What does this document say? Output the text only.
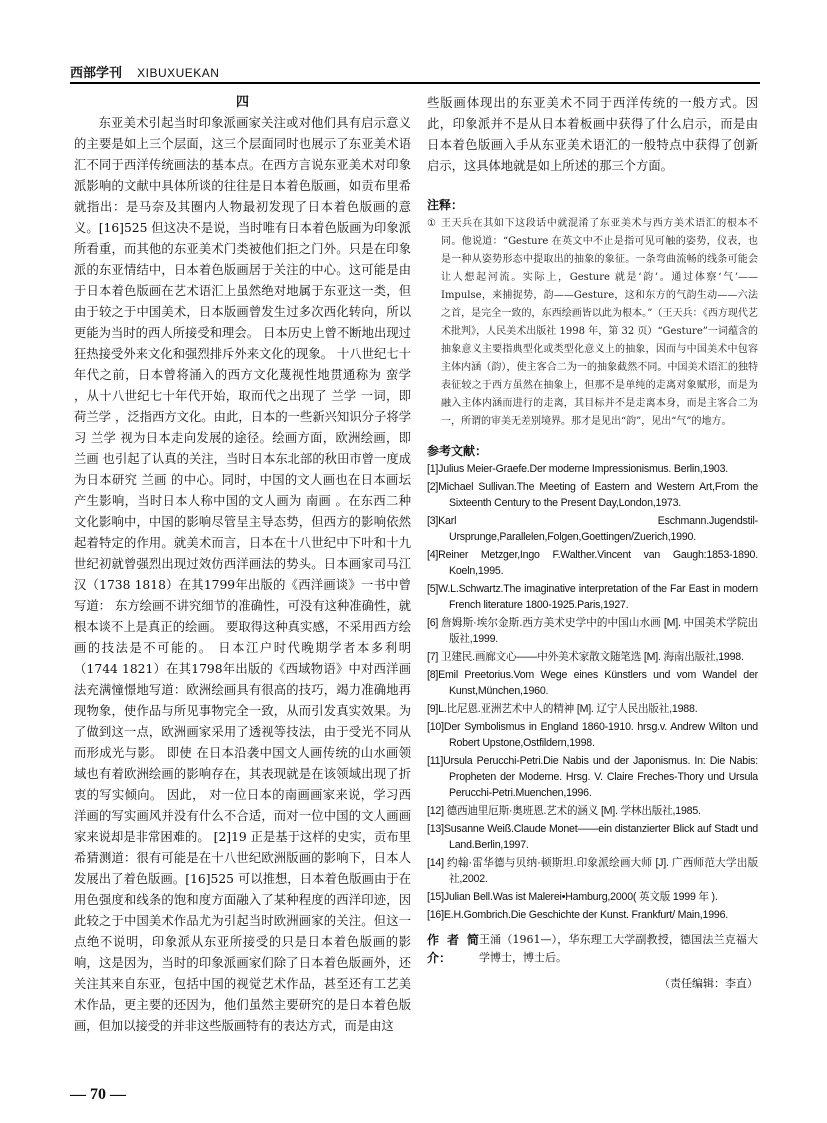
西部学刊 XIBUXUEKAN
四

东亚美术引起当时印象派画家关注或对他们具有启示意义的主要是如上三个层面，这三个层面同时也展示了东亚美术语汇不同于西洋传统画法的基本点。在西方言说东亚美术对印象派影响的文献中具体所谈的往往是日本着色版画，如贡布里希就指出：是马奈及其圈内人物最初发现了日本着色版画的意义。[16]525 但这决不是说，当时唯有日本着色版画为印象派所看重，而其他的东亚美术门类被他们拒之门外。只是在印象派的东亚情结中，日本着色版画居于关注的中心。这可能是由于日本着色版画在艺术语汇上虽然绝对地属于东亚这一类，但由于较之于中国美术，日本版画曾发生过多次西化转向，所以更能为当时的西人所接受和理会。 日本历史上曾不断地出现过狂热接受外来文化和强烈排斥外来文化的现象。 十八世纪七十年代之前，日本曾将涌入的西方文化蔑视性地贯通称为 蛮学 ，从十八世纪七十年代开始，取而代之出现了 兰学 一词，即 荷兰学 ，泛指西方文化。由此，日本的一些新兴知识分子将学习 兰学 视为日本走向发展的途径。绘画方面，欧洲绘画，即 兰画 也引起了认真的关注，当时日本东北部的秋田市曾一度成为日本研究 兰画 的中心。同时，中国的文人画也在日本画坛产生影响，当时日本人称中国的文人画为 南画 。在东西二种文化影响中，中国的影响尽管呈主导态势，但西方的影响依然起着特定的作用。就美术而言，日本在十八世纪中下叶和十九世纪初就曾强烈出现过效仿西洋画法的势头。日本画家司马江汉（1738 1818）在其1799年出版的《西洋画谈》一书中曾写道： 东方绘画不讲究细节的准确性，可没有这种准确性，就根本谈不上是真正的绘画。 要取得这种真实感，不采用西方绘画的技法是不可能的。 日本江户时代晚期学者本多利明（1744 1821）在其1798年出版的《西域物语》中对西洋画法充满憧憬地写道：欧洲绘画具有很高的技巧，竭力准确地再现物象，使作品与所见事物完全一致，从而引发真实效果。为了做到这一点，欧洲画家采用了透视等技法，由于受光不同从而形成光与影。 即使 在日本沿袭中国文人画传统的山水画领域也有着欧洲绘画的影响存在，其表现就是在该领域出现了折衷的写实倾向。 因此， 对一位日本的南画画家来说，学习西洋画的写实画风并没有什么不合适，而对一位中国的文人画画家来说却是非常困难的。 [2]19 正是基于这样的史实，贡布里希猜测道：很有可能是在十八世纪欧洲版画的影响下，日本人发展出了着色版画。[16]525 可以推想，日本着色版画由于在用色强度和线条的饱和度方面融入了某种程度的西洋印迹，因此较之于中国美术作品尤为引起当时欧洲画家的关注。但这一点绝不说明，印象派从东亚所接受的只是日本着色版画的影响，这是因为，当时的印象派画家们除了日本着色版画外，还关注其来自东亚，包括中国的视觉艺术作品，甚至还有工艺美术作品，更主要的还因为，他们虽然主要研究的是日本着色版画，但加以接受的并非这些版画特有的表达方式，而是由这

些版画体现出的东亚美术不同于西洋传统的一般方式。因此，印象派并不是从日本着板画中获得了什么启示，而是由日本着色版画入手从东亚美术语汇的一般特点中获得了创新启示，这具体地就是如上所述的那三个方面。

注释：
① 王天兵在其如下这段话中就混淆了东亚美术与西方美术语汇的根本不同。他说道：“Gesture 在英文中不止是指可见可触的姿势，仪表，也是一种从姿势形态中提取出的抽象的象征。一条弯曲流畅的线条可能会让人想起河流。实际上，Gesture 就是‘韵’。通过体察‘气’——Impulse，来捕捉势，韵——Gesture，这和东方的气韵生动——六法之首，是完全一致的，东西绘画皆以此为根本。”（王天兵：《西方现代艺术批判》，人民美术出版社 1998 年，第 32 页）“Gesture”一词蕴含的抽象意义主要指典型化或类型化意义上的抽象，因而与中国美术中包容主体内涵（韵），使主客合二为一的抽象截然不同。中国美术语汇的独特表征较之于西方虽然在抽象上，但那不是单纯的走离对象赋形，而是为融入主体内涵而进行的走离，其目标并不是走离本身，而是主客合二为一，所谓的审美无差别境界。那才是见出“韵”，见出“气”的地方。
参考文献：
[1]Julius Meier-Graefe.Der moderne Impressionismus. Berlin,1903.
[2]Michael Sullivan.The Meeting of Eastern and Western Art,From the Sixteenth Century to the Present Day,London,1973.
[3]Karl Eschmann.Jugendstil-Ursprunge,Parallelen,Folgen,Goettingen/Zuerich,1990.
[4]Reiner Metzger,Ingo F.Walther.Vincent van Gaugh:1853-1890. Koeln,1995.
[5]W.L.Schwartz.The imaginative interpretation of the Far East in modern French literature 1800-1925.Paris,1927.
[6] 詹姆斯·埃尔金斯.西方美术史学中的中国山水画 [M]. 中国美术学院出版社,1999.
[7] 卫建民.画廊文心——中外美术家散文随笔选 [M]. 海南出版社,1998.
[8]Emil Preetorius.Vom Wege eines Künstlers und vom Wandel der Kunst,München,1960.
[9]L.比尼恩.亚洲艺术中人的精神 [M]. 辽宁人民出版社,1988.
[10]Der Symbolismus in England 1860-1910. hrsg.v. Andrew Wilton und Robert Upstone,Ostfildern,1998.
[11]Ursula Perucchi-Petri.Die Nabis und der Japonismus. In: Die Nabis: Propheten der Moderne. Hrsg. V. Claire Freches-Thory und Ursula Perucchi-Petri.Muenchen,1996.
[12] 德西迪里厄斯·奥班恩.艺术的涵义 [M]. 学林出版社,1985.
[13]Susanne Weiß.Claude Monet——ein distanzierter Blick auf Stadt und Land.Berlin,1997.
[14] 约翰·雷华德与贝纳·顿斯坦.印象派绘画大师 [J]. 广西师范大学出版社,2002.
[15]Julian Bell.Was ist Malerei•Hamburg,2000( 英文版 1999 年 ).
[16]E.H.Gombrich.Die Geschichte der Kunst. Frankfurt/ Main,1996.
作者简介：
王涌（1961—），华东理工大学副教授，德国法兰克福大学博士，博士后。
（责任编辑：李直）
— 70 —
